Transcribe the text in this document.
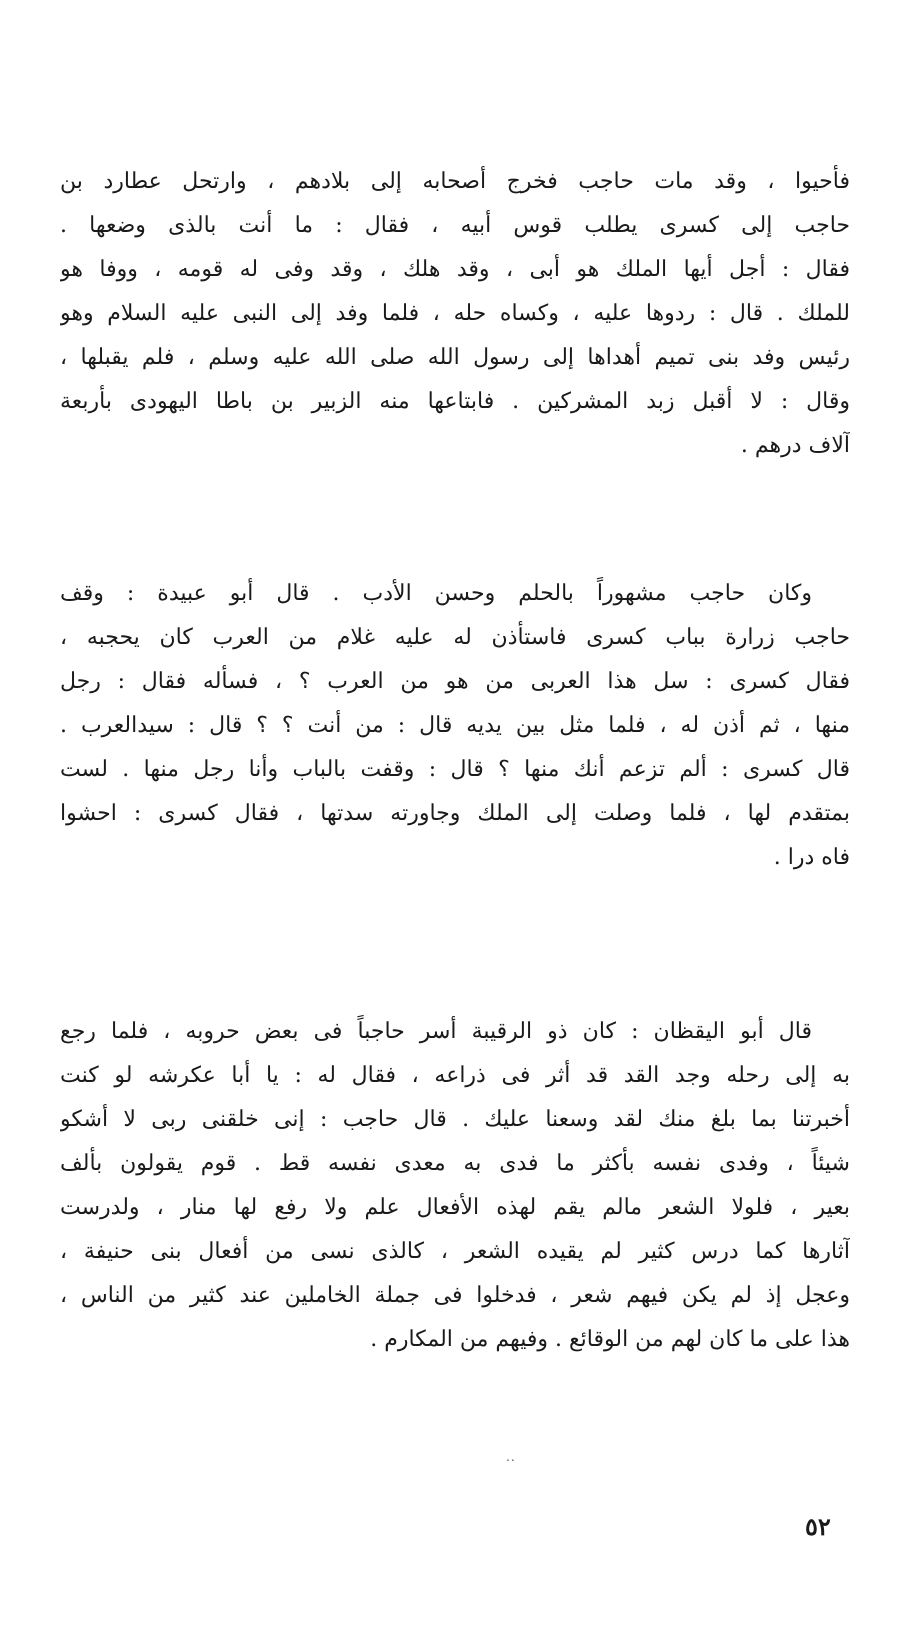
فأحيوا ، وقد مات حاجب فخرج أصحابه إلى بلادهم ، وارتحل عطارد بن
حاجب إلى كسرى يطلب قوس أبيه ، فقال : ما أنت بالذى وضعها .
فقال : أجل أيها الملك هو أبى ، وقد هلك ، وقد وفى له قومه ، ووفا هو
للملك . قال : ردوها عليه ، وكساه حله ، فلما وفد إلى النبى عليه السلام وهو
رئيس وفد بنى تميم أهداها إلى رسول الله صلى الله عليه وسلم ، فلم يقبلها ،
وقال : لا أقبل زبد المشركين . فابتاعها منه الزبير بن باطا اليهودى بأربعة
آلاف درهم .
وكان حاجب مشهوراً بالحلم وحسن الأدب . قال أبو عبيدة : وقف
حاجب زرارة بباب كسرى فاستأذن له عليه غلام من العرب كان يحجبه ،
فقال كسرى : سل هذا العربى من هو من العرب ؟ ، فسأله فقال : رجل
منها ، ثم أذن له ، فلما مثل بين يديه قال : من أنت ؟ ؟ قال : سيدالعرب .
قال كسرى : ألم تزعم أنك منها ؟ قال : وقفت بالباب وأنا رجل منها . لست
بمتقدم لها ، فلما وصلت إلى الملك وجاورته سدتها ، فقال كسرى : احشوا
فاه درا .
قال أبو اليقظان : كان ذو الرقيبة أسر حاجباً فى بعض حروبه ، فلما رجع
به إلى رحله وجد القد قد أثر فى ذراعه ، فقال له : يا أبا عكرشه لو كنت
أخبرتنا بما بلغ منك لقد وسعنا عليك . قال حاجب : إنى خلقنى ربى لا أشكو
شيئاً ، وفدى نفسه بأكثر ما فدى به معدى نفسه قط . قوم يقولون بألف
بعير ، فلولا الشعر مالم يقم لهذه الأفعال علم ولا رفع لها منار ، ولدرست
آثارها كما درس كثير لم يقيده الشعر ، كالذى نسى من أفعال بنى حنيفة ،
وعجل إذ لم يكن فيهم شعر ، فدخلوا فى جملة الخاملين عند كثير من الناس ،
هذا على ما كان لهم من الوقائع . وفيهم من المكارم .
..
٥٢
